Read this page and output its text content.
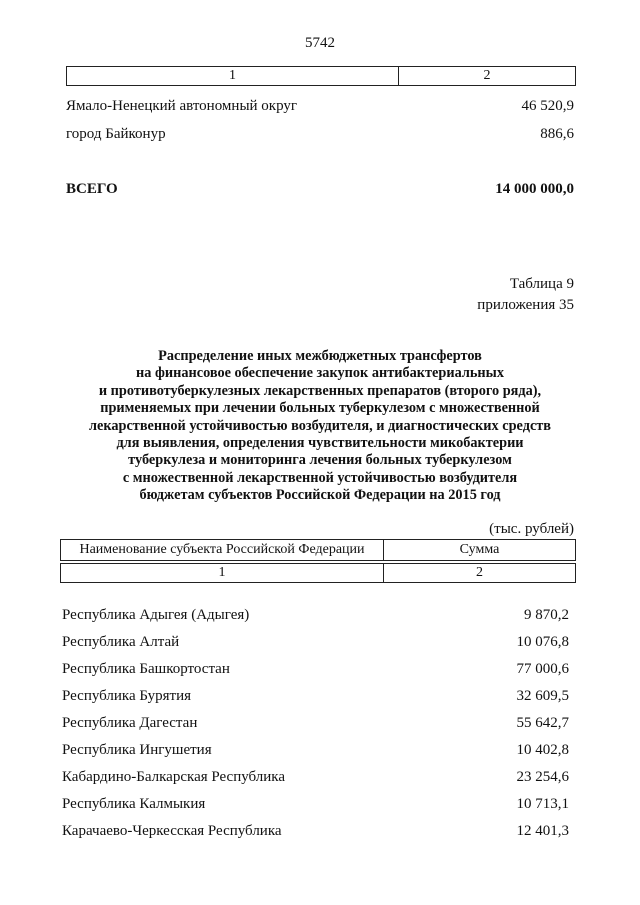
5742
1	2
Ямало-Ненецкий автономный округ	46 520,9
город Байконур	886,6
ВСЕГО	14 000 000,0
Таблица 9
приложения 35
Распределение иных межбюджетных трансфертов
на финансовое обеспечение закупок антибактериальных
и противотуберкулезных лекарственных препаратов (второго ряда),
применяемых при лечении больных туберкулезом с множественной
лекарственной устойчивостью возбудителя, и диагностических средств
для выявления, определения чувствительности микобактерии
туберкулеза и мониторинга лечения больных туберкулезом
с множественной лекарственной устойчивостью возбудителя
бюджетам субъектов Российской Федерации на 2015 год
(тыс. рублей)
Наименование субъекта Российской Федерации	Сумма
1	2
Республика Адыгея (Адыгея)	9 870,2
Республика Алтай	10 076,8
Республика Башкортостан	77 000,6
Республика Бурятия	32 609,5
Республика Дагестан	55 642,7
Республика Ингушетия	10 402,8
Кабардино-Балкарская Республика	23 254,6
Республика Калмыкия	10 713,1
Карачаево-Черкесская Республика	12 401,3
